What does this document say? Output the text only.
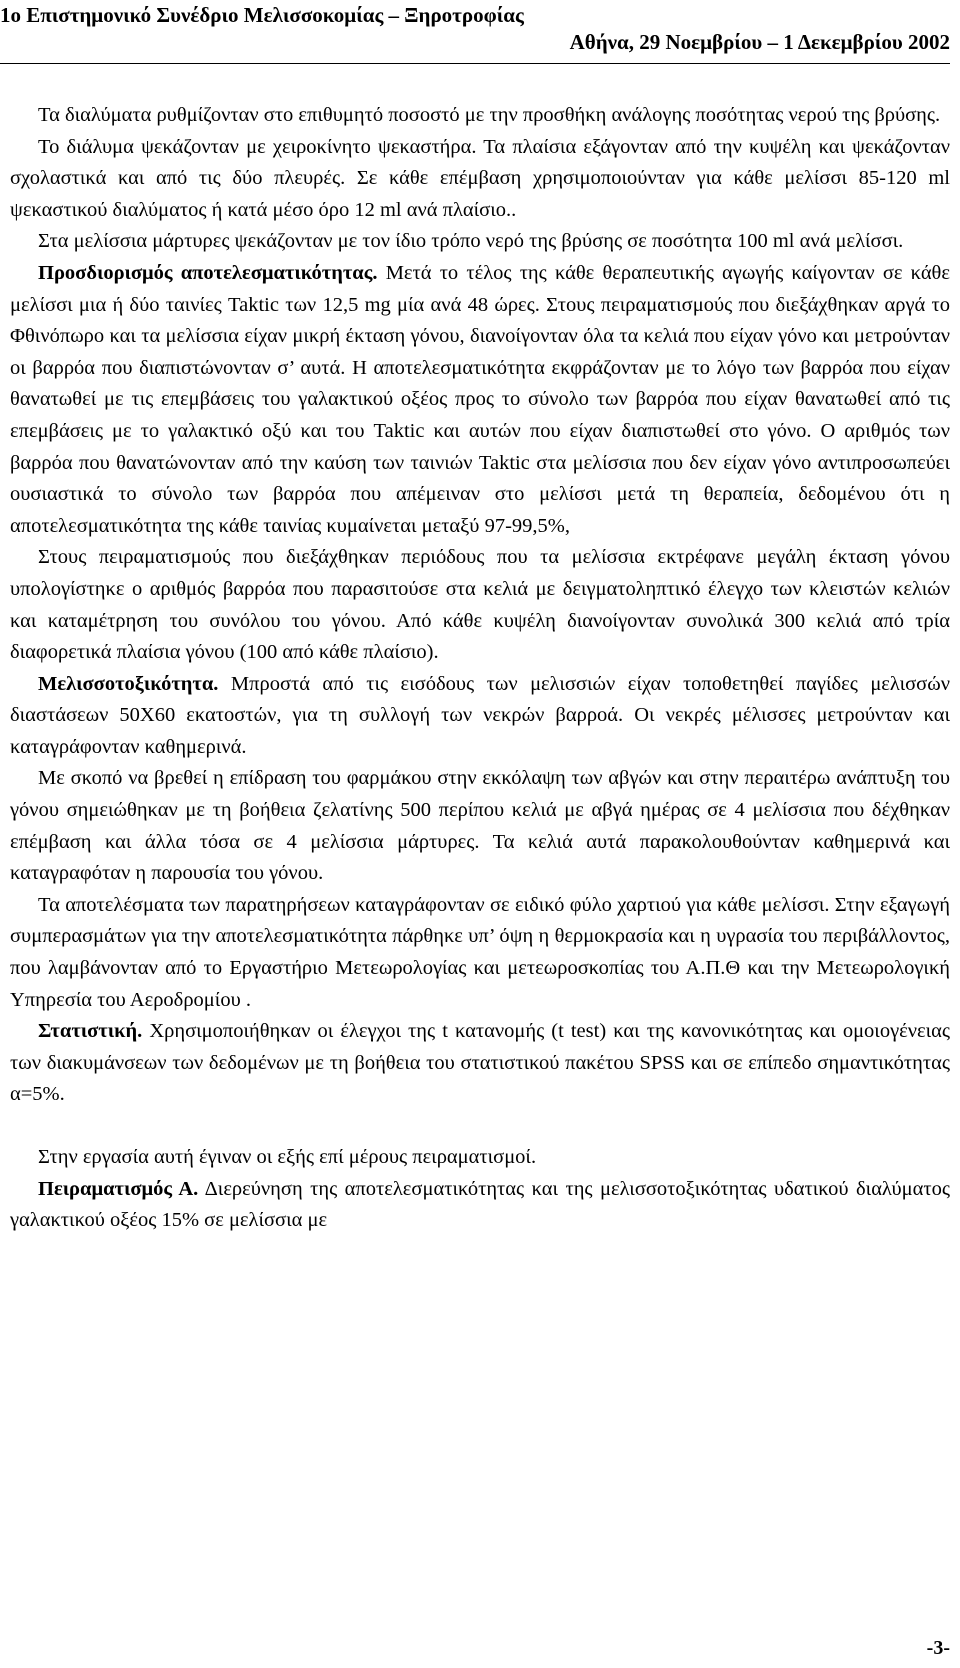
1ο Επιστημονικό Συνέδριο Μελισσοκομίας – Ξηροτροφίας
Αθήνα, 29 Νοεμβρίου – 1 Δεκεμβρίου 2002

Τα διαλύματα ρυθμίζονταν στο επιθυμητό ποσοστό με την προσθήκη ανάλογης ποσότητας νερού της βρύσης.

Το διάλυμα ψεκάζονταν με χειροκίνητο ψεκαστήρα. Τα πλαίσια εξάγονταν από την κυψέλη και ψεκάζονταν σχολαστικά και από τις δύο πλευρές. Σε κάθε επέμβαση χρησιμοποιούνταν για κάθε μελίσσι 85-120 ml ψεκαστικού διαλύματος ή κατά μέσο όρο 12 ml ανά πλαίσιο..

Στα μελίσσια μάρτυρες ψεκάζονταν με τον ίδιο τρόπο νερό της βρύσης σε ποσότητα 100 ml ανά μελίσσι.

Προσδιορισμός αποτελεσματικότητας. Μετά το τέλος της κάθε θεραπευτικής αγωγής καίγονταν σε κάθε μελίσσι μια ή δύο ταινίες Taktic των 12,5 mg μία ανά 48 ώρες. Στους πειραματισμούς που διεξάχθηκαν αργά το Φθινόπωρο και τα μελίσσια είχαν μικρή έκταση γόνου, διανοίγονταν όλα τα κελιά που είχαν γόνο και μετρούνταν οι βαρρόα που διαπιστώνονταν σ’ αυτά. Η αποτελεσματικότητα εκφράζονταν με το λόγο των βαρρόα που είχαν θανατωθεί με τις επεμβάσεις του γαλακτικού οξέος προς το σύνολο των βαρρόα που είχαν θανατωθεί από τις επεμβάσεις με το γαλακτικό οξύ και του Taktic και αυτών που είχαν διαπιστωθεί στο γόνο. Ο αριθμός των βαρρόα που θανατώνονταν από την καύση των ταινιών Taktic στα μελίσσια που δεν είχαν γόνο αντιπροσωπεύει ουσιαστικά το σύνολο των βαρρόα που απέμειναν στο μελίσσι μετά τη θεραπεία, δεδομένου ότι η αποτελεσματικότητα της κάθε ταινίας κυμαίνεται μεταξύ 97-99,5%,

Στους πειραματισμούς που διεξάχθηκαν περιόδους που τα μελίσσια εκτρέφανε μεγάλη έκταση γόνου υπολογίστηκε ο αριθμός βαρρόα που παρασιτούσε στα κελιά με δειγματοληπτικό έλεγχο των κλειστών κελιών και καταμέτρηση του συνόλου του γόνου. Από κάθε κυψέλη διανοίγονταν συνολικά 300 κελιά από τρία διαφορετικά πλαίσια γόνου (100 από κάθε πλαίσιο).

Μελισσοτοξικότητα. Μπροστά από τις εισόδους των μελισσιών είχαν τοποθετηθεί παγίδες μελισσών διαστάσεων 50X60 εκατοστών, για τη συλλογή των νεκρών βαρροά. Οι νεκρές μέλισσες μετρούνταν και καταγράφονταν καθημερινά.

Με σκοπό να βρεθεί η επίδραση του φαρμάκου στην εκκόλαψη των αβγών και στην περαιτέρω ανάπτυξη του γόνου σημειώθηκαν με τη βοήθεια ζελατίνης 500 περίπου κελιά με αβγά ημέρας σε 4 μελίσσια που δέχθηκαν επέμβαση και άλλα τόσα σε 4 μελίσσια μάρτυρες. Τα κελιά αυτά παρακολουθούνταν καθημερινά και καταγραφόταν η παρουσία του γόνου.

Τα αποτελέσματα των παρατηρήσεων καταγράφονταν σε ειδικό φύλο χαρτιού για κάθε μελίσσι. Στην εξαγωγή συμπερασμάτων για την αποτελεσματικότητα πάρθηκε υπ’ όψη η θερμοκρασία και η υγρασία του περιβάλλοντος, που λαμβάνονταν από το Εργαστήριο Μετεωρολογίας και μετεωροσκοπίας του Α.Π.Θ και την Μετεωρολογική Υπηρεσία του Αεροδρομίου .

Στατιστική. Χρησιμοποιήθηκαν οι έλεγχοι της t κατανομής (t test) και της κανονικότητας και ομοιογένειας των διακυμάνσεων των δεδομένων με τη βοήθεια του στατιστικού πακέτου SPSS και σε επίπεδο σημαντικότητας α=5%.

Στην εργασία αυτή έγιναν οι εξής επί μέρους πειραματισμοί.

Πειραματισμός Α. Διερεύνηση της αποτελεσματικότητας και της μελισσοτοξικότητας υδατικού διαλύματος γαλακτικού οξέος 15% σε μελίσσια με

-3-
